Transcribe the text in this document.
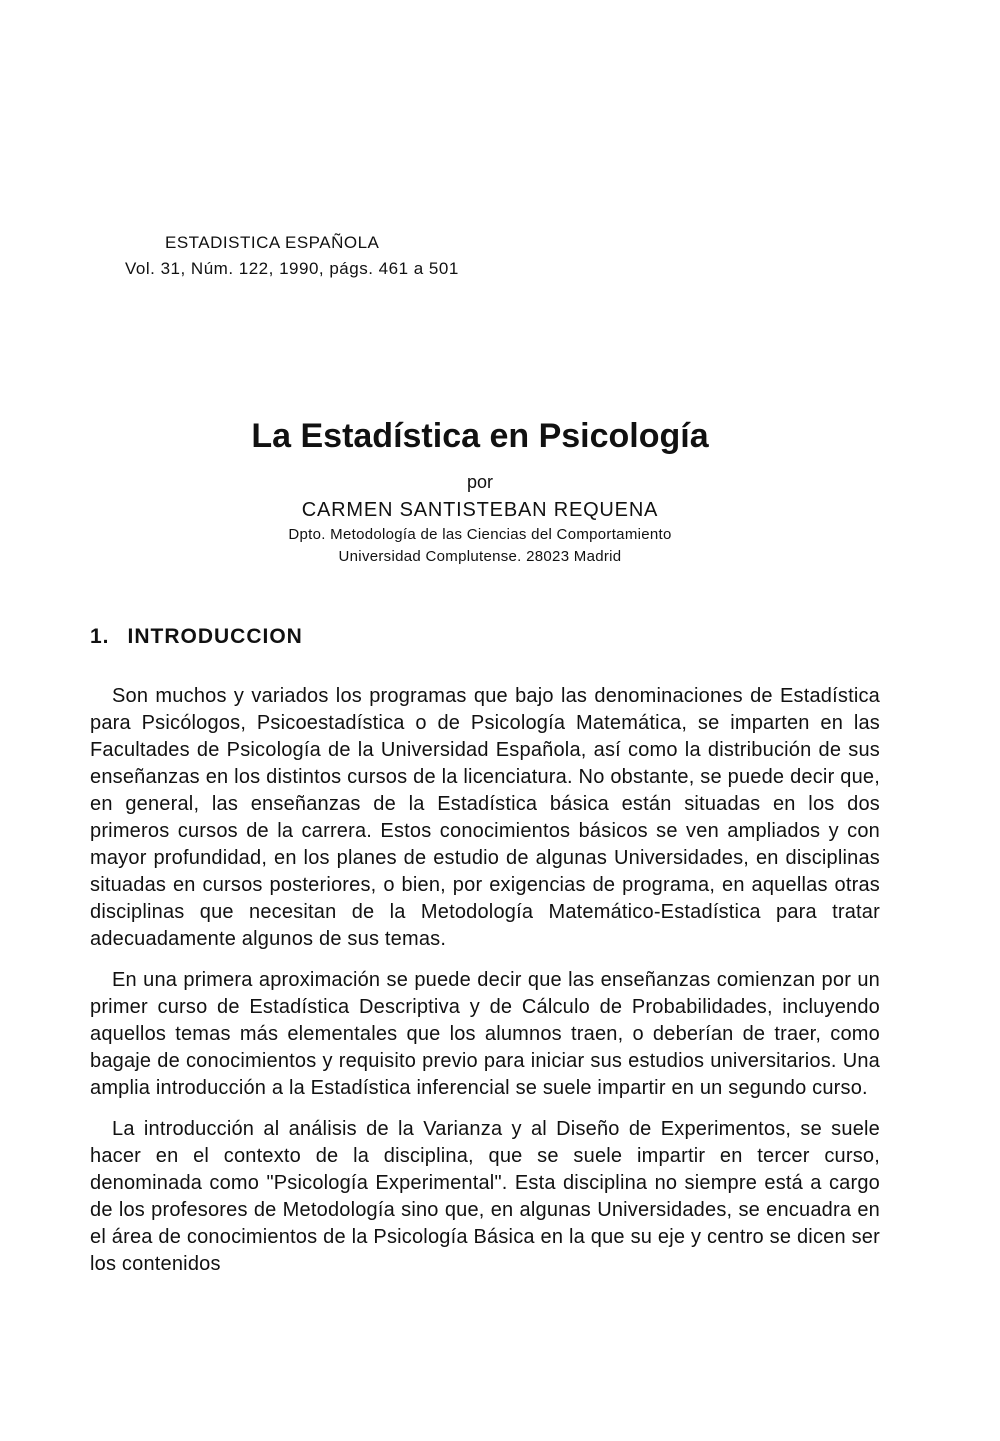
ESTADISTICA ESPAÑOLA
Vol. 31, Núm. 122, 1990, págs. 461 a 501
La Estadística en Psicología
por
CARMEN SANTISTEBAN REQUENA
Dpto. Metodología de las Ciencias del Comportamiento
Universidad Complutense. 28023 Madrid
1. INTRODUCCION

Son muchos y variados los programas que bajo las denominaciones de Estadística para Psicólogos, Psicoestadística o de Psicología Matemática, se imparten en las Facultades de Psicología de la Universidad Española, así como la distribución de sus enseñanzas en los distintos cursos de la licenciatura. No obstante, se puede decir que, en general, las enseñanzas de la Estadística básica están situadas en los dos primeros cursos de la carrera. Estos conocimientos básicos se ven ampliados y con mayor profundidad, en los planes de estudio de algunas Universidades, en disciplinas situadas en cursos posteriores, o bien, por exigencias de programa, en aquellas otras disciplinas que necesitan de la Metodología Matemático-Estadística para tratar adecuadamente algunos de sus temas.

En una primera aproximación se puede decir que las enseñanzas comienzan por un primer curso de Estadística Descriptiva y de Cálculo de Probabilidades, incluyendo aquellos temas más elementales que los alumnos traen, o deberían de traer, como bagaje de conocimientos y requisito previo para iniciar sus estudios universitarios. Una amplia introducción a la Estadística inferencial se suele impartir en un segundo curso.

La introducción al análisis de la Varianza y al Diseño de Experimentos, se suele hacer en el contexto de la disciplina, que se suele impartir en tercer curso, denominada como "Psicología Experimental". Esta disciplina no siempre está a cargo de los profesores de Metodología sino que, en algunas Universidades, se encuadra en el área de conocimientos de la Psicología Básica en la que su eje y centro se dicen ser los contenidos
